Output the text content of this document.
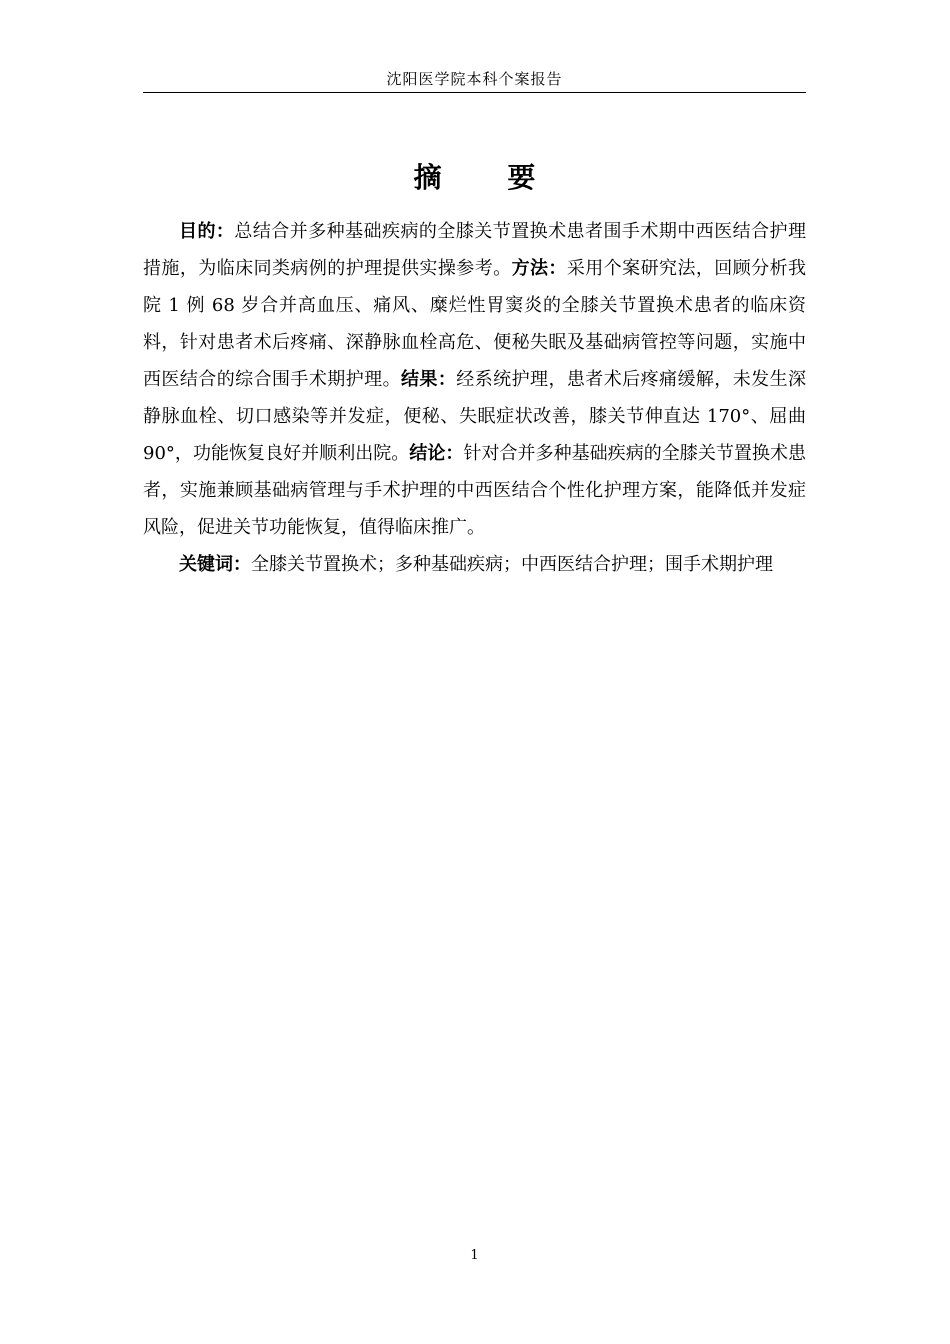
沈阳医学院本科个案报告
摘 要

目的：总结合并多种基础疾病的全膝关节置换术患者围手术期中西医结合护理措施，为临床同类病例的护理提供实操参考。方法：采用个案研究法，回顾分析我院 1 例 68 岁合并高血压、痛风、糜烂性胃窦炎的全膝关节置换术患者的临床资料，针对患者术后疼痛、深静脉血栓高危、便秘失眠及基础病管控等问题，实施中西医结合的综合围手术期护理。结果：经系统护理，患者术后疼痛缓解，未发生深静脉血栓、切口感染等并发症，便秘、失眠症状改善，膝关节伸直达 170°、屈曲 90°，功能恢复良好并顺利出院。结论：针对合并多种基础疾病的全膝关节置换术患者，实施兼顾基础病管理与手术护理的中西医结合个性化护理方案，能降低并发症风险，促进关节功能恢复，值得临床推广。

关键词：全膝关节置换术；多种基础疾病；中西医结合护理；围手术期护理

1
